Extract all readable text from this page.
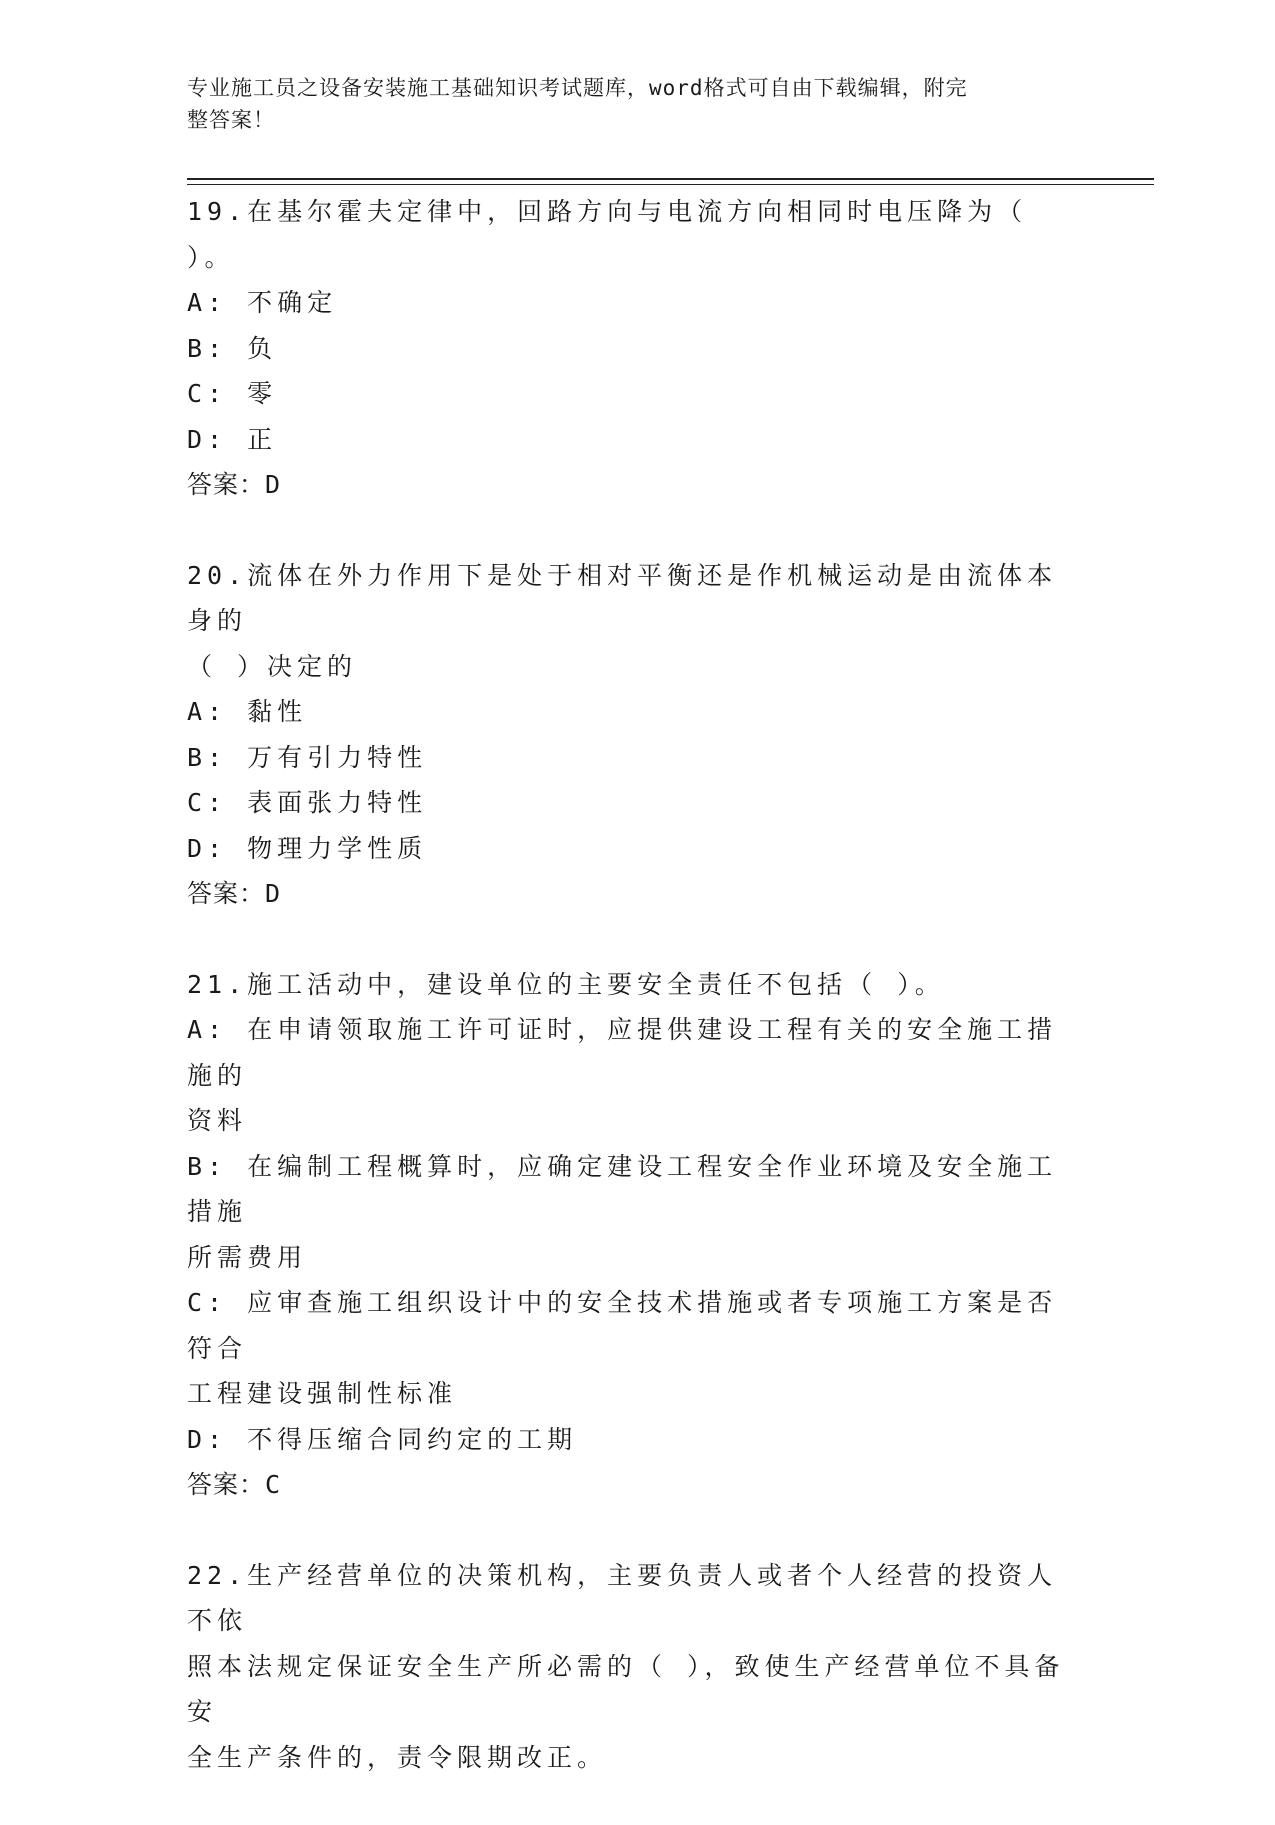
专业施工员之设备安装施工基础知识考试题库，word格式可自由下载编辑，附完
整答案！
19.在基尔霍夫定律中，回路方向与电流方向相同时电压降为（ ）。
A: 不确定
B: 负
C: 零
D: 正
答案：D
20.流体在外力作用下是处于相对平衡还是作机械运动是由流体本身的
（ ）决定的
A: 黏性
B: 万有引力特性
C: 表面张力特性
D: 物理力学性质
答案：D
21.施工活动中，建设单位的主要安全责任不包括（ ）。
A: 在申请领取施工许可证时，应提供建设工程有关的安全施工措施的
资料
B: 在编制工程概算时，应确定建设工程安全作业环境及安全施工措施
所需费用
C: 应审查施工组织设计中的安全技术措施或者专项施工方案是否符合
工程建设强制性标准
D: 不得压缩合同约定的工期
答案：C
22.生产经营单位的决策机构，主要负责人或者个人经营的投资人不依
照本法规定保证安全生产所必需的（ ），致使生产经营单位不具备安
全生产条件的，责令限期改正。
